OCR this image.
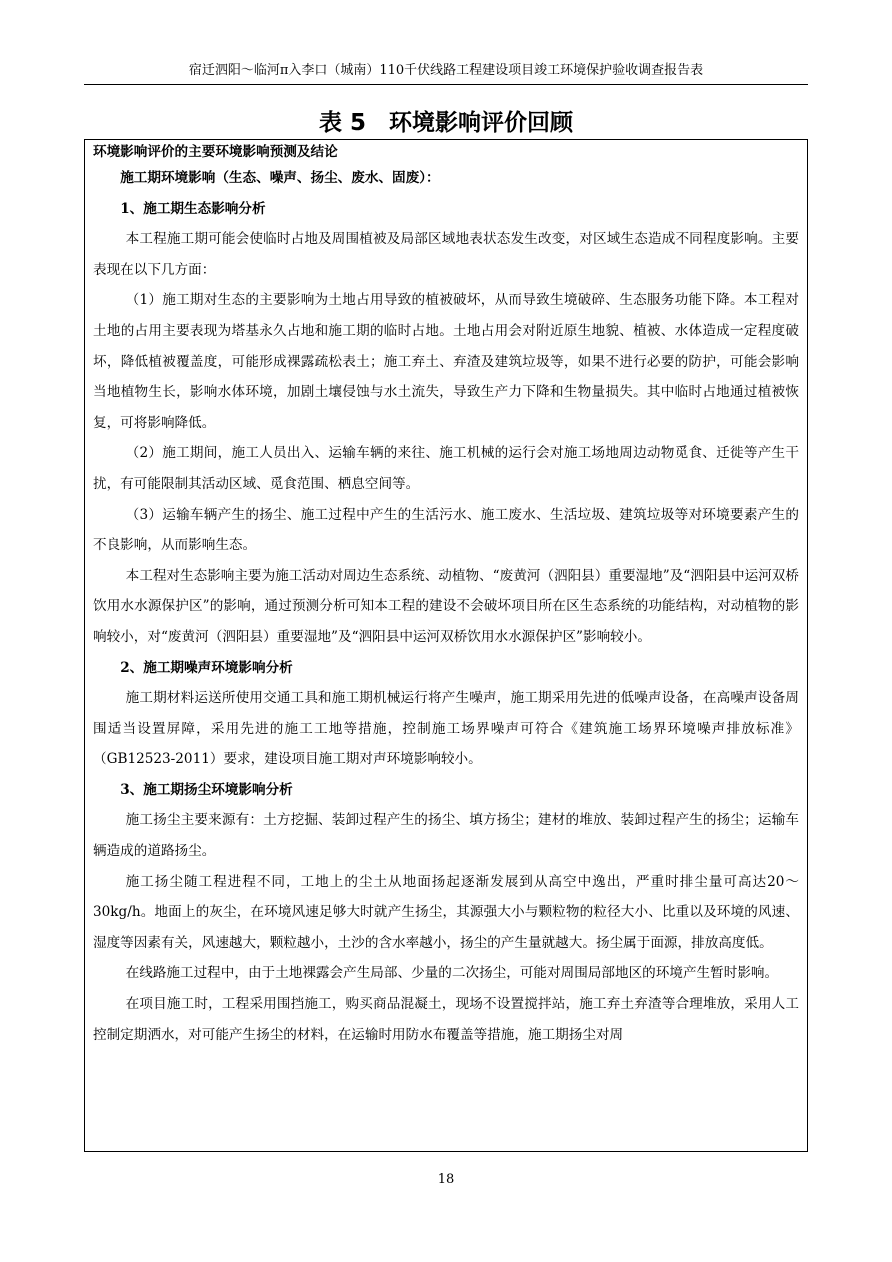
宿迁泗阳～临河π入李口（城南）110千伏线路工程建设项目竣工环境保护验收调查报告表
表 5　环境影响评价回顾

环境影响评价的主要环境影响预测及结论

施工期环境影响（生态、噪声、扬尘、废水、固废）：

1、施工期生态影响分析

本工程施工期可能会使临时占地及周围植被及局部区域地表状态发生改变，对区域生态造成不同程度影响。主要表现在以下几方面：

（1）施工期对生态的主要影响为土地占用导致的植被破坏，从而导致生境破碎、生态服务功能下降。本工程对土地的占用主要表现为塔基永久占地和施工期的临时占地。土地占用会对附近原生地貌、植被、水体造成一定程度破坏，降低植被覆盖度，可能形成裸露疏松表土；施工弃土、弃渣及建筑垃圾等，如果不进行必要的防护，可能会影响当地植物生长，影响水体环境，加剧土壤侵蚀与水土流失，导致生产力下降和生物量损失。其中临时占地通过植被恢复，可将影响降低。

（2）施工期间，施工人员出入、运输车辆的来往、施工机械的运行会对施工场地周边动物觅食、迁徙等产生干扰，有可能限制其活动区域、觅食范围、栖息空间等。

（3）运输车辆产生的扬尘、施工过程中产生的生活污水、施工废水、生活垃圾、建筑垃圾等对环境要素产生的不良影响，从而影响生态。

本工程对生态影响主要为施工活动对周边生态系统、动植物、“废黄河（泗阳县）重要湿地”及“泗阳县中运河双桥饮用水水源保护区”的影响，通过预测分析可知本工程的建设不会破坏项目所在区生态系统的功能结构，对动植物的影响较小，对“废黄河（泗阳县）重要湿地”及“泗阳县中运河双桥饮用水水源保护区”影响较小。

2、施工期噪声环境影响分析

施工期材料运送所使用交通工具和施工期机械运行将产生噪声，施工期采用先进的低噪声设备，在高噪声设备周围适当设置屏障，采用先进的施工工地等措施，控制施工场界噪声可符合《建筑施工场界环境噪声排放标准》（GB12523-2011）要求，建设项目施工期对声环境影响较小。

3、施工期扬尘环境影响分析

施工扬尘主要来源有：土方挖掘、装卸过程产生的扬尘、填方扬尘；建材的堆放、装卸过程产生的扬尘；运输车辆造成的道路扬尘。

施工扬尘随工程进程不同，工地上的尘土从地面扬起逐渐发展到从高空中逸出，严重时排尘量可高达20～30kg/h。地面上的灰尘，在环境风速足够大时就产生扬尘，其源强大小与颗粒物的粒径大小、比重以及环境的风速、湿度等因素有关，风速越大，颗粒越小，土沙的含水率越小，扬尘的产生量就越大。扬尘属于面源，排放高度低。

在线路施工过程中，由于土地裸露会产生局部、少量的二次扬尘，可能对周围局部地区的环境产生暂时影响。

在项目施工时，工程采用围挡施工，购买商品混凝土，现场不设置搅拌站，施工弃土弃渣等合理堆放，采用人工控制定期洒水，对可能产生扬尘的材料，在运输时用防水布覆盖等措施，施工期扬尘对周

18
